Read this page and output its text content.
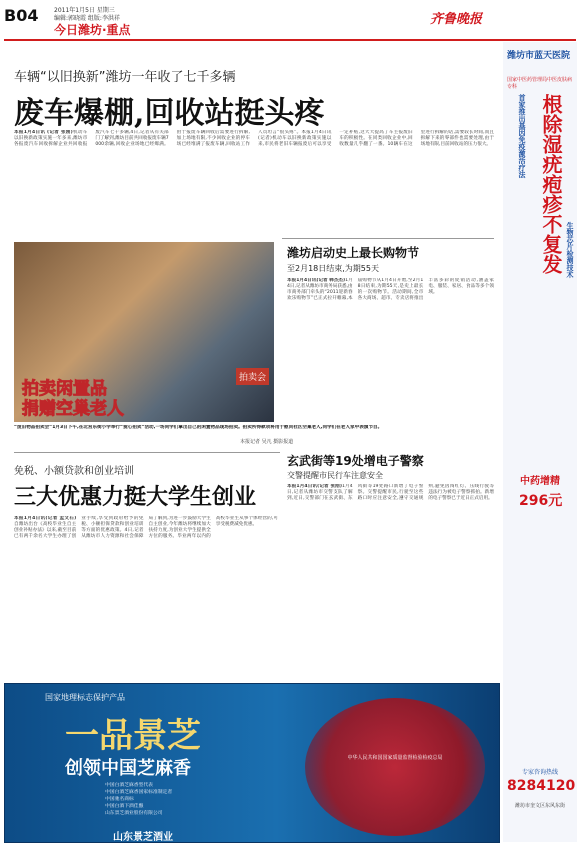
B04	2011年1月5日 星期三
编辑:郭晓霞 组版:李洪祥
今日潍坊·重点
齐鲁晚报
车辆“以旧换新”潍坊一年收了七千多辆
废车爆棚,回收站挺头疼
本报1月4日讯 (记者 张刚)机动车以旧换新政策实施一年多来,潍坊市各报废汽车回收拆解企业共回收报废汽车七千多辆,4日,记者从有关部门了解到,潍坊目前共回收报废车辆7000余辆,回收企业场地已经爆满。由于报废车辆回收后需要进行拆解,加上场地有限,不少回收企业的停车场已经堆满了报废车辆,回收站工作人员坦言“很头疼”。本报1月4日讯(记者)机动车以旧换新政策实施以来,市民将老旧车辆报废后可以享受一定补贴,这大大提高了车主报废旧车的积极性。在同类回收企业中,回收数量几乎翻了一番。10辆车在这里进行拆解的话,需要较长时间,而且拆解下来的零部件也需要处理,由于场地有限,目前回收站的压力很大。
拍卖会
拍卖闲置品
捐赠空巢老人
“废旧物品拍卖会”1月3日下午,在北宫东街小学举行“爱心拍卖”活动,一场同学们拿出自己的闲置物品现场拍卖。拍卖所得款项将用于慰问社区空巢老人,同学们在老人家中表演节目。
本报记者 吴凡 摄影报道
潍坊启动史上最长购物节
至2月18日结束,为期55天
本报1月4日讯(记者 韩杰杰)1月4日,记者从潍坊市商务局获悉,由市商务部门牵头的“2011迎新春欢乐购物节”已正式拉开帷幕,本届购物节从1月4日开始,至2月18日结束,为期55天,是史上最长的一次购物节。活动期间,全市各大商场、超市、专卖店将推出丰富多彩的促销活动,涵盖家电、服装、家居、食品等多个领域。
免税、小额贷款和创业培训
三大优惠力挺大学生创业
本报1月4日讯(记者 孟文石)自潍坊出台《高校毕业生自主创业补贴办法》以来,截至目前已有两千余名大学生办理了创业手续,享受到政府给予的免税、小额担保贷款和创业培训等方面的优惠政策。4日,记者从潍坊市人力资源和社会保障局了解到,为进一步鼓励大学生自主创业,今年潍坊将继续加大扶持力度,为创业大学生提供全方位的服务。毕业两年以内的高校毕业生从事个体经营的,可享受税费减免优惠。
玄武街等19处增电子警察
交警提醒市民行车注意安全
本报1月4日讯(记者 张刚)1月4日,记者从潍坊市交警支队了解到,近日,交警部门在玄武街、东风街等19处路口新增了电子警察。交警提醒市民,行驶至这些路口时应注意安全,遵守交通规则,避免因闯红灯、压线行驶等违法行为被电子警察抓拍。新增的电子警察已于近日正式启用。
国家地理标志保护产品
一品景芝
创领中国芝麻香
中国白酒芝麻香型代表
中国白酒芝麻香国家标准制定者
中国驰名商标
中国白酒下酒佳酿
山东景芝酒业股份有限公司
山东景芝酒业
中华人民共和国国家质量监督检验检疫总局
潍坊市蓝天医院
国家中医药管理局中医皮肤病专科
首家推出基因免疫激活疗法 根除湿疣疱疹不复发 生物芯片检测技术
中药增精
296元
专家咨询热线
8284120
潍坊市奎文区东风东街
